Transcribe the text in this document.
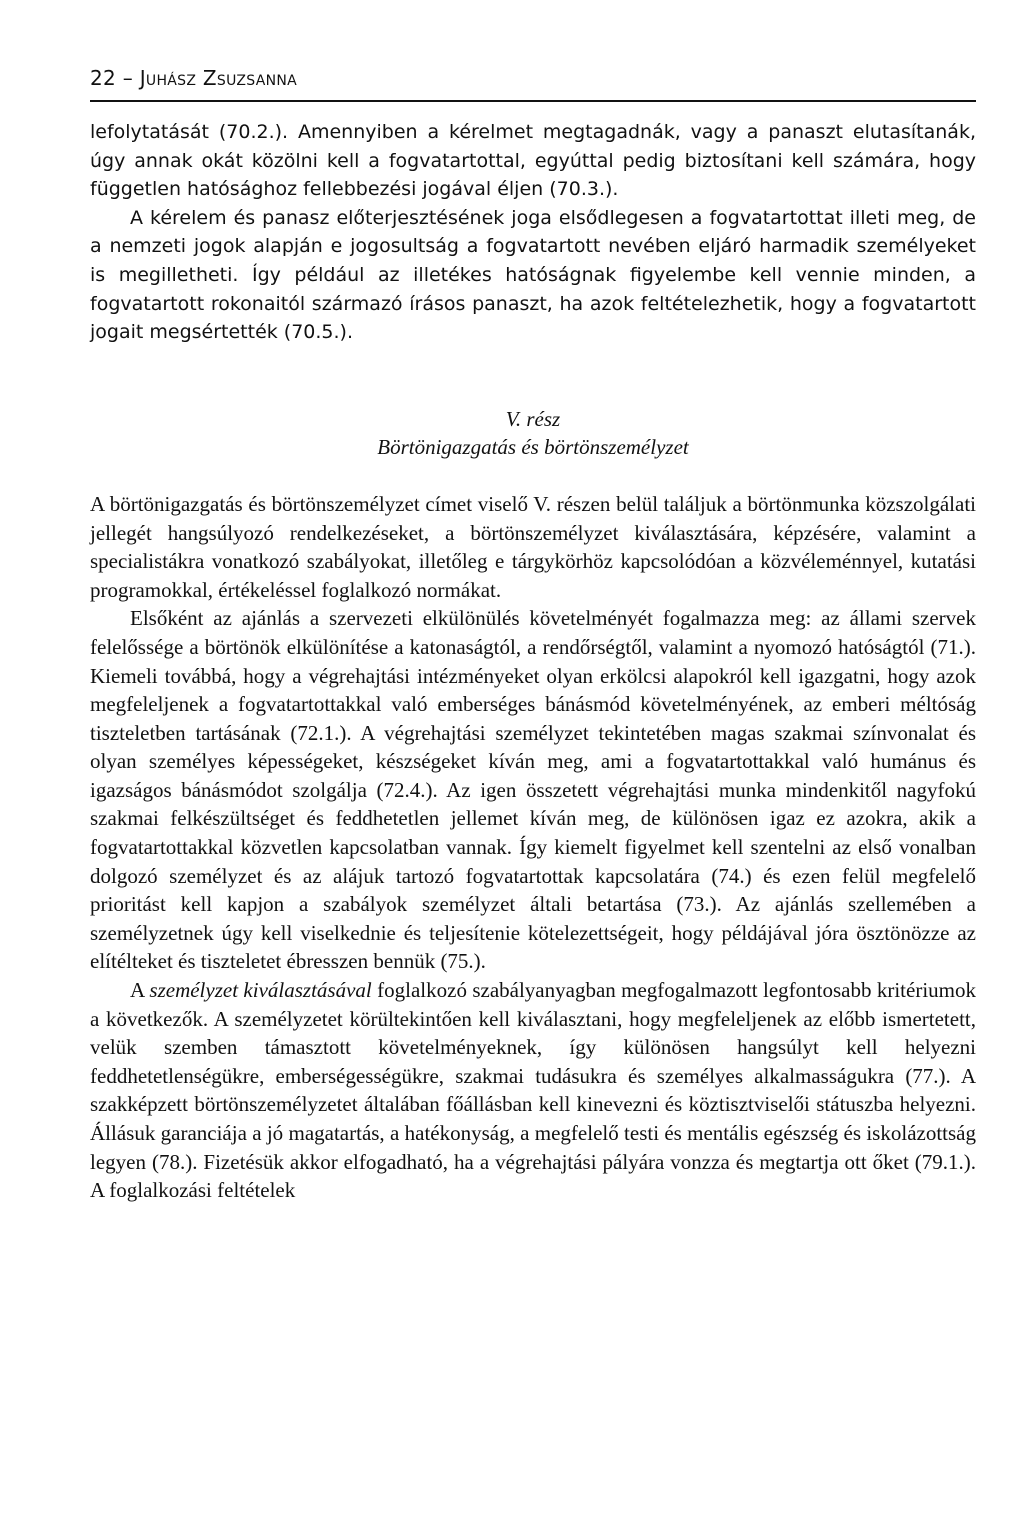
22 – Juhász Zsuzsanna

lefolytatását (70.2.). Amennyiben a kérelmet megtagadnák, vagy a panaszt elutasítanák, úgy annak okát közölni kell a fogvatartottal, egyúttal pedig biztosítani kell számára, hogy független hatósághoz fellebbezési jogával éljen (70.3.).

A kérelem és panasz előterjesztésének joga elsődlegesen a fogvatartottat illeti meg, de a nemzeti jogok alapján e jogosultság a fogvatartott nevében eljáró harmadik személyeket is megilletheti. Így például az illetékes hatóságnak figyelembe kell vennie minden, a fogvatartott rokonaitól származó írásos panaszt, ha azok feltételezhetik, hogy a fogvatartott jogait megsértették (70.5.).

V. rész

Börtönigazgatás és börtönszemélyzet

A börtönigazgatás és börtönszemélyzet címet viselő V. részen belül találjuk a börtönmunka közszolgálati jellegét hangsúlyozó rendelkezéseket, a börtönszemélyzet kiválasztására, képzésére, valamint a specialistákra vonatkozó szabályokat, illetőleg e tárgykörhöz kapcsolódóan a közvéleménnyel, kutatási programokkal, értékeléssel foglalkozó normákat.

Elsőként az ajánlás a szervezeti elkülönülés követelményét fogalmazza meg: az állami szervek felelőssége a börtönök elkülönítése a katonaságtól, a rendőrségtől, valamint a nyomozó hatóságtól (71.). Kiemeli továbbá, hogy a végrehajtási intézményeket olyan erkölcsi alapokról kell igazgatni, hogy azok megfeleljenek a fogvatartottakkal való emberséges bánásmód követelményének, az emberi méltóság tiszteletben tartásának (72.1.). A végrehajtási személyzet tekintetében magas szakmai színvonalat és olyan személyes képességeket, készségeket kíván meg, ami a fogvatartottakkal való humánus és igazságos bánásmódot szolgálja (72.4.). Az igen összetett végrehajtási munka mindenkitől nagyfokú szakmai felkészültséget és feddhetetlen jellemet kíván meg, de különösen igaz ez azokra, akik a fogvatartottakkal közvetlen kapcsolatban vannak. Így kiemelt figyelmet kell szentelni az első vonalban dolgozó személyzet és az alájuk tartozó fogvatartottak kapcsolatára (74.) és ezen felül megfelelő prioritást kell kapjon a szabályok személyzet általi betartása (73.). Az ajánlás szellemében a személyzetnek úgy kell viselkednie és teljesítenie kötelezettségeit, hogy példájával jóra ösztönözze az elítélteket és tiszteletet ébresszen bennük (75.).

A személyzet kiválasztásával foglalkozó szabályanyagban megfogalmazott legfontosabb kritériumok a következők. A személyzetet körültekintően kell kiválasztani, hogy megfeleljenek az előbb ismertetett, velük szemben támasztott követelményeknek, így különösen hangsúlyt kell helyezni feddhetetlenségükre, emberségességükre, szakmai tudásukra és személyes alkalmasságukra (77.). A szakképzett börtönszemélyzetet általában főállásban kell kinevezni és köztisztviselői státuszba helyezni. Állásuk garanciája a jó magatartás, a hatékonyság, a megfelelő testi és mentális egészség és iskolázottság legyen (78.). Fizetésük akkor elfogadható, ha a végrehajtási pályára vonzza és megtartja ott őket (79.1.). A foglalkozási feltételek
